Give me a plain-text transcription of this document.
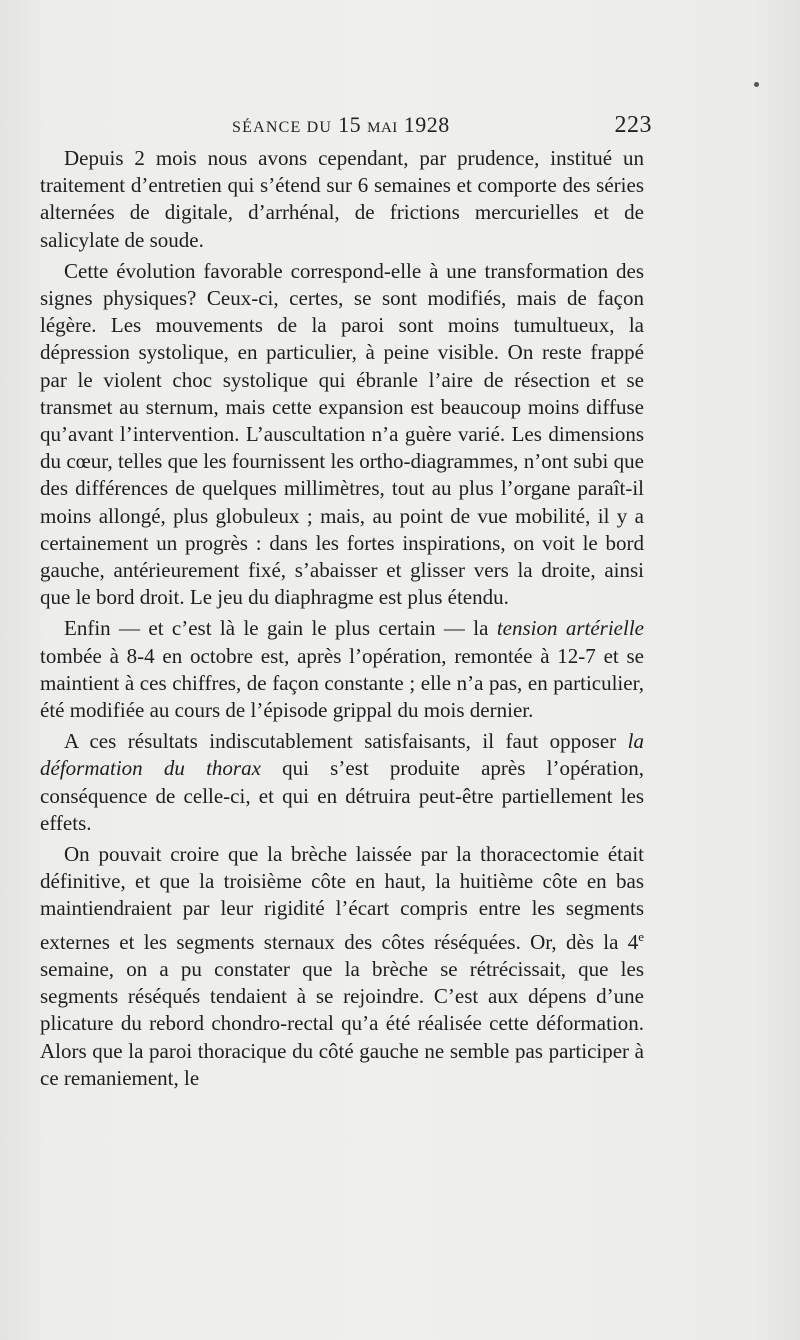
SÉANCE DU 15 mai 1928	223

Depuis 2 mois nous avons cependant, par prudence, institué un traitement d’entretien qui s’étend sur 6 semaines et comporte des séries alternées de digitale, d’arrhénal, de frictions mercurielles et de salicylate de soude.

Cette évolution favorable correspond-elle à une transformation des signes physiques? Ceux-ci, certes, se sont modifiés, mais de façon légère. Les mouvements de la paroi sont moins tumultueux, la dépression systolique, en particulier, à peine visible. On reste frappé par le violent choc systolique qui ébranle l’aire de résection et se transmet au sternum, mais cette expansion est beaucoup moins diffuse qu’avant l’intervention. L’auscultation n’a guère varié. Les dimensions du cœur, telles que les fournissent les ortho-diagrammes, n’ont subi que des différences de quelques millimètres, tout au plus l’organe paraît-il moins allongé, plus globuleux ; mais, au point de vue mobilité, il y a certainement un progrès : dans les fortes inspirations, on voit le bord gauche, antérieurement fixé, s’abaisser et glisser vers la droite, ainsi que le bord droit. Le jeu du diaphragme est plus étendu.

Enfin — et c’est là le gain le plus certain — la tension artérielle tombée à 8-4 en octobre est, après l’opération, remontée à 12-7 et se maintient à ces chiffres, de façon constante ; elle n’a pas, en particulier, été modifiée au cours de l’épisode grippal du mois dernier.

A ces résultats indiscutablement satisfaisants, il faut opposer la déformation du thorax qui s’est produite après l’opération, conséquence de celle-ci, et qui en détruira peut-être partiellement les effets.

On pouvait croire que la brèche laissée par la thoracectomie était définitive, et que la troisième côte en haut, la huitième côte en bas maintiendraient par leur rigidité l’écart compris entre les segments externes et les segments sternaux des côtes réséquées. Or, dès la 4e semaine, on a pu constater que la brèche se rétrécissait, que les segments réséqués tendaient à se rejoindre. C’est aux dépens d’une plicature du rebord chondro-rectal qu’a été réalisée cette déformation. Alors que la paroi thoracique du côté gauche ne semble pas participer à ce remaniement, le
